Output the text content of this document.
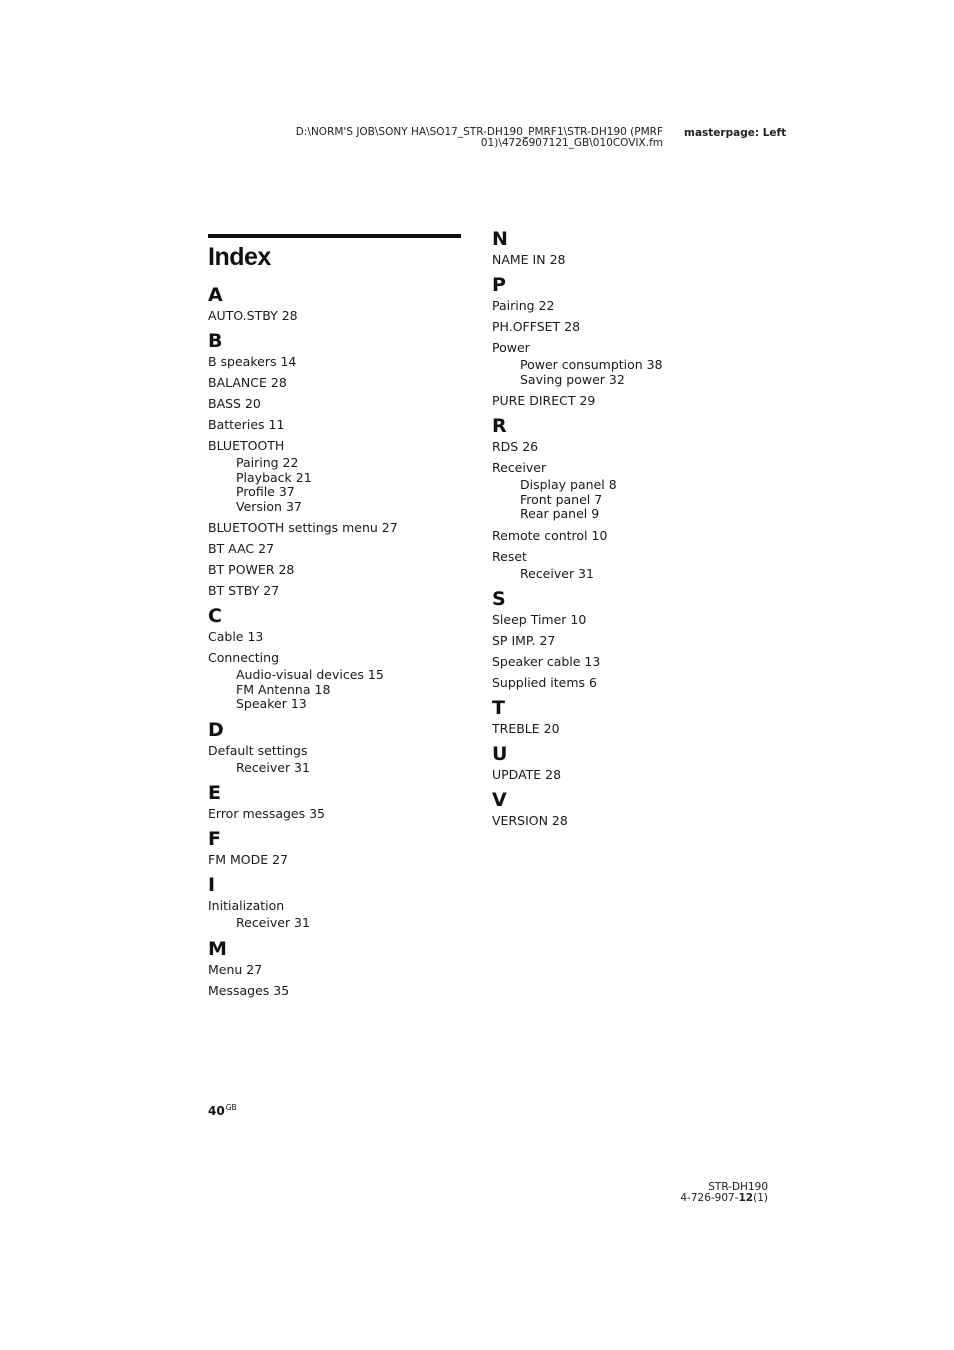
D:\NORM'S JOB\SONY HA\SO17_STR-DH190_PMRF1\STR-DH190 (PMRF
01)\4726907121_GB\010COVIX.fm
masterpage: Left
Index
A
AUTO.STBY 28
B
B speakers 14
BALANCE 28
BASS 20
Batteries 11
BLUETOOTH
Pairing 22
Playback 21
Profile 37
Version 37
BLUETOOTH settings menu 27
BT AAC 27
BT POWER 28
BT STBY 27
C
Cable 13
Connecting
Audio-visual devices 15
FM Antenna 18
Speaker 13
D
Default settings
Receiver 31
E
Error messages 35
F
FM MODE 27
I
Initialization
Receiver 31
M
Menu 27
Messages 35
N
NAME IN 28
P
Pairing 22
PH.OFFSET 28
Power
Power consumption 38
Saving power 32
PURE DIRECT 29
R
RDS 26
Receiver
Display panel 8
Front panel 7
Rear panel 9
Remote control 10
Reset
Receiver 31
S
Sleep Timer 10
SP IMP. 27
Speaker cable 13
Supplied items 6
T
TREBLE 20
U
UPDATE 28
V
VERSION 28
$40^{GB}$
STR-DH190
4-726-907-12(1)
